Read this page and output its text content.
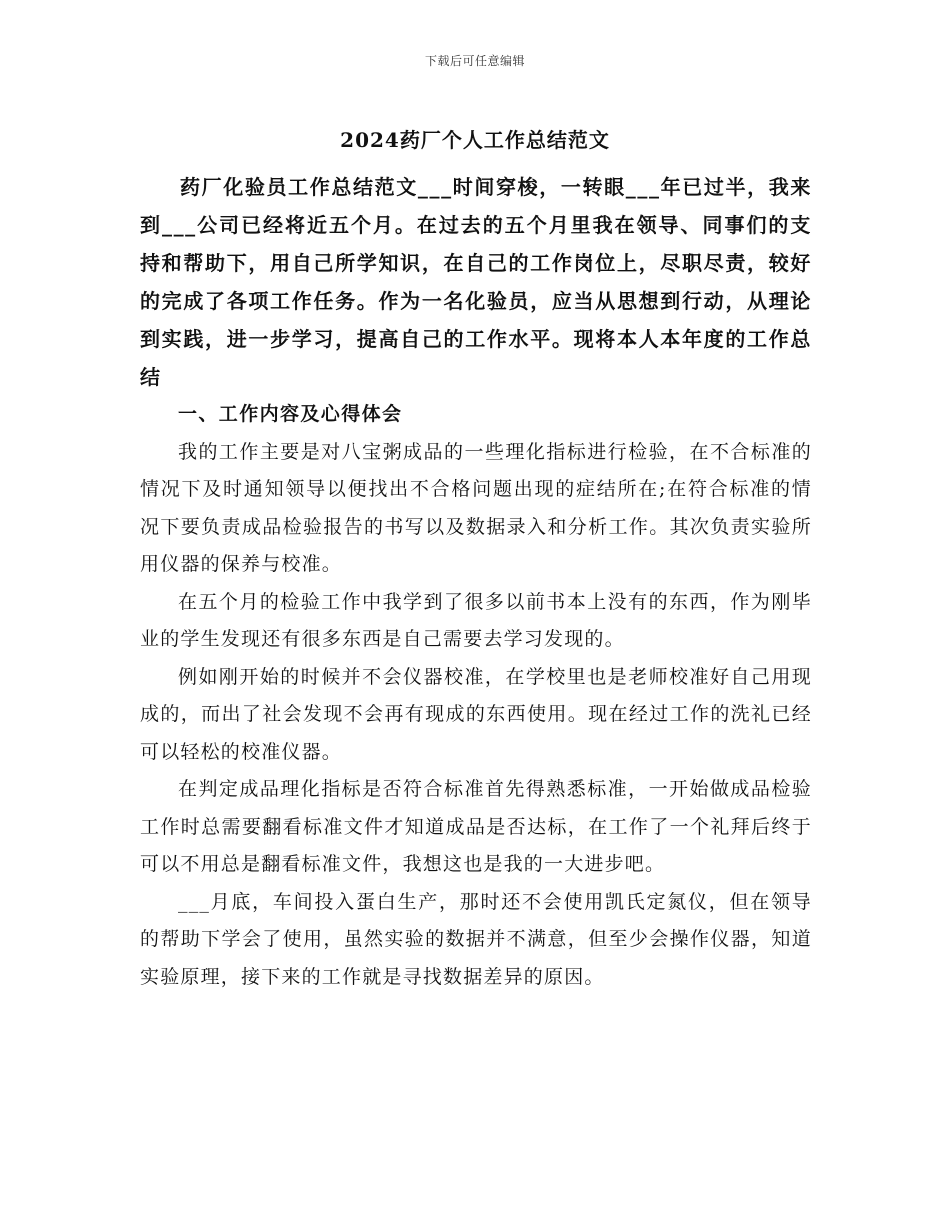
下载后可任意编辑
2024药厂个人工作总结范文

药厂化验员工作总结范文___时间穿梭，一转眼___年已过半，我来到___公司已经将近五个月。在过去的五个月里我在领导、同事们的支持和帮助下，用自己所学知识，在自己的工作岗位上，尽职尽责，较好的完成了各项工作任务。作为一名化验员，应当从思想到行动，从理论到实践，进一步学习，提高自己的工作水平。现将本人本年度的工作总结

一、工作内容及心得体会

我的工作主要是对八宝粥成品的一些理化指标进行检验，在不合标准的情况下及时通知领导以便找出不合格问题出现的症结所在;在符合标准的情况下要负责成品检验报告的书写以及数据录入和分析工作。其次负责实验所用仪器的保养与校准。

在五个月的检验工作中我学到了很多以前书本上没有的东西，作为刚毕业的学生发现还有很多东西是自己需要去学习发现的。

例如刚开始的时候并不会仪器校准，在学校里也是老师校准好自己用现成的，而出了社会发现不会再有现成的东西使用。现在经过工作的洗礼已经可以轻松的校准仪器。

在判定成品理化指标是否符合标准首先得熟悉标准，一开始做成品检验工作时总需要翻看标准文件才知道成品是否达标，在工作了一个礼拜后终于可以不用总是翻看标准文件，我想这也是我的一大进步吧。

___月底，车间投入蛋白生产，那时还不会使用凯氏定氮仪，但在领导的帮助下学会了使用，虽然实验的数据并不满意，但至少会操作仪器，知道实验原理，接下来的工作就是寻找数据差异的原因。
